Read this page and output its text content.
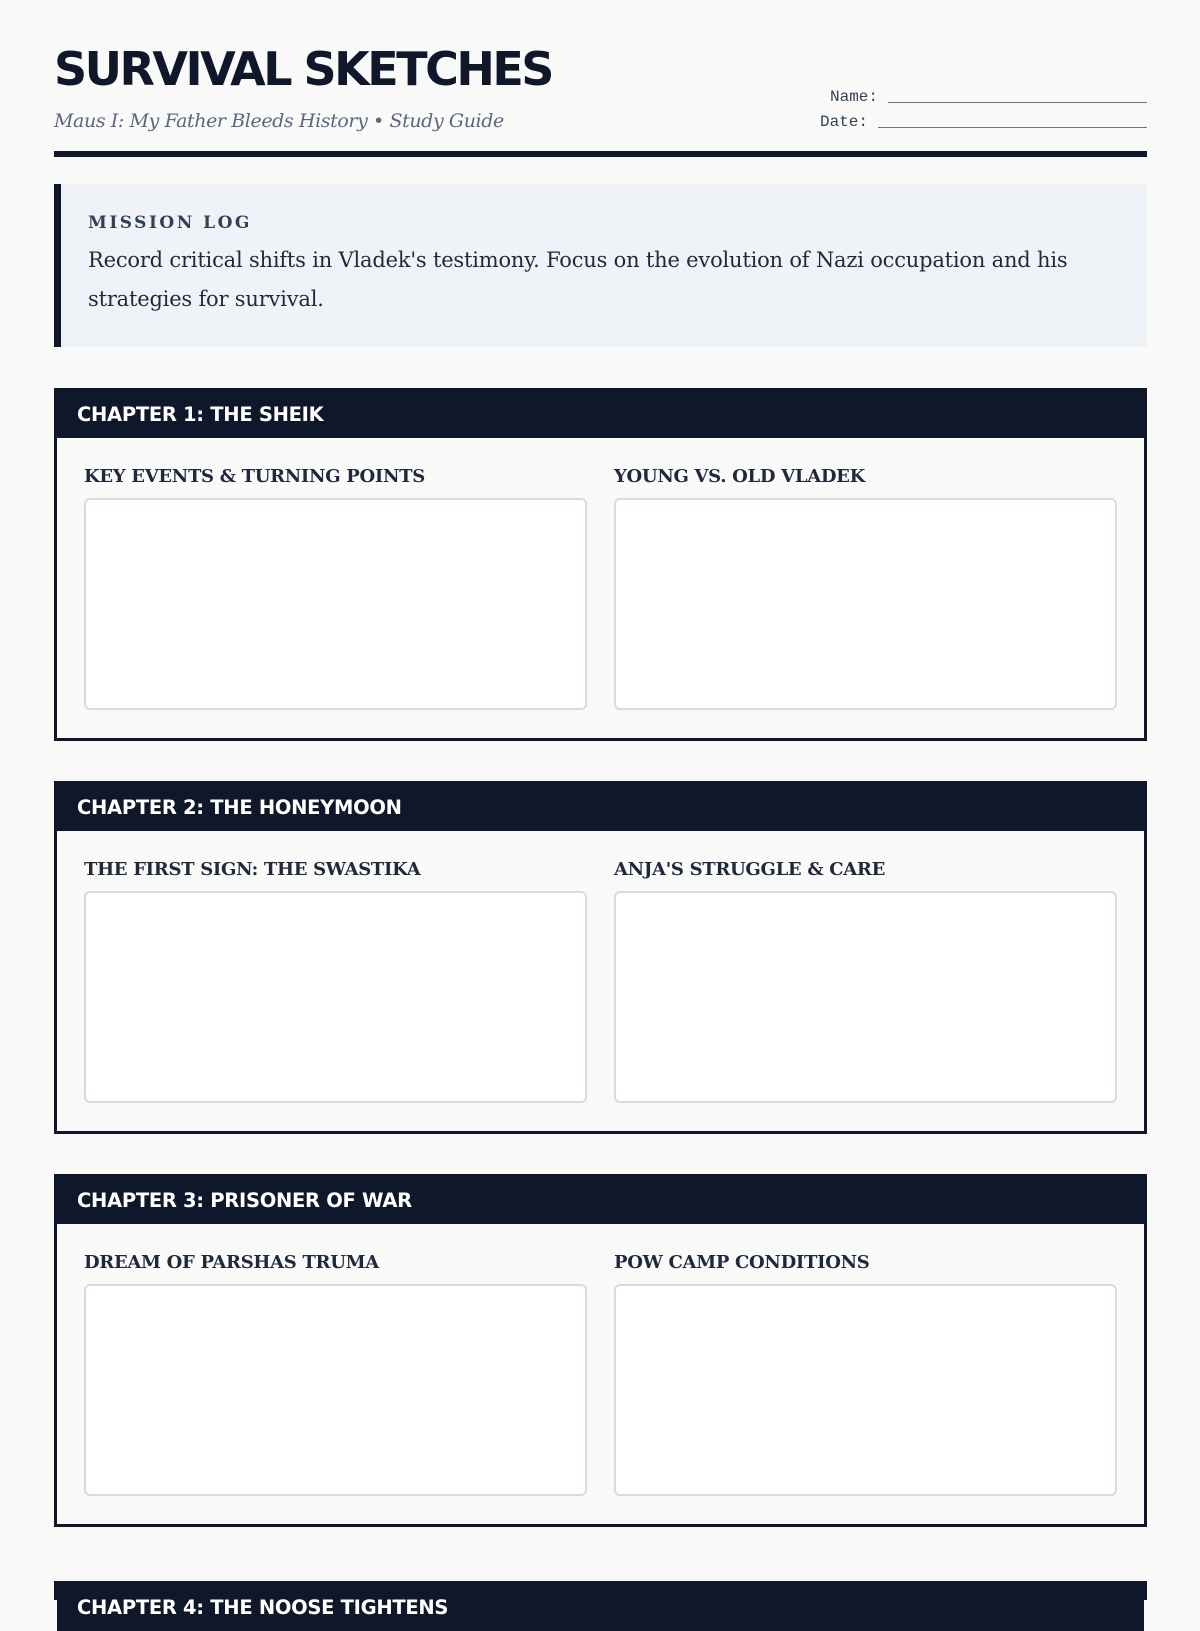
SURVIVAL SKETCHES
Maus I: My Father Bleeds History • Study Guide
Name:
Date:
MISSION LOG

Record critical shifts in Vladek's testimony. Focus on the evolution of Nazi occupation and his strategies for survival.

CHAPTER 1: THE SHEIK
KEY EVENTS & TURNING POINTS	YOUNG VS. OLD VLADEK
CHAPTER 2: THE HONEYMOON
THE FIRST SIGN: THE SWASTIKA	ANJA'S STRUGGLE & CARE
CHAPTER 3: PRISONER OF WAR
DREAM OF PARSHAS TRUMA	POW CAMP CONDITIONS
CHAPTER 4: THE NOOSE TIGHTENS
